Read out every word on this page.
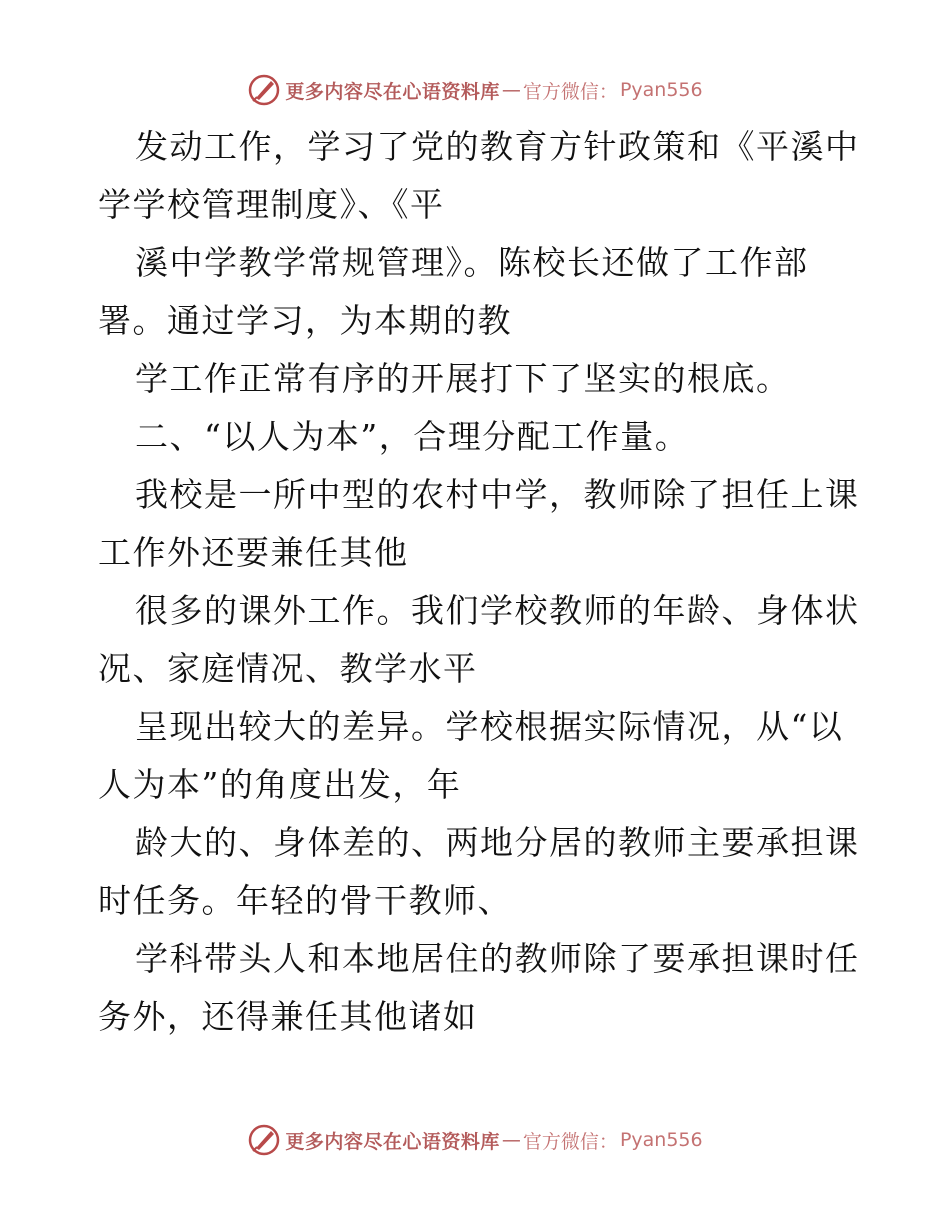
更多内容尽在心语资料库 — 官方微信： Pyan556

发动工作，学习了党的教育方针政策和《平溪中

学学校管理制度》、《平

溪中学教学常规管理》。陈校长还做了工作部

署。通过学习，为本期的教

学工作正常有序的开展打下了坚实的根底。

二、“以人为本”，合理分配工作量。

我校是一所中型的农村中学，教师除了担任上课

工作外还要兼任其他

很多的课外工作。我们学校教师的年龄、身体状

况、家庭情况、教学水平

呈现出较大的差异。学校根据实际情况，从“以

人为本”的角度出发，年

龄大的、身体差的、两地分居的教师主要承担课

时任务。年轻的骨干教师、

学科带头人和本地居住的教师除了要承担课时任

务外，还得兼任其他诸如

更多内容尽在心语资料库 — 官方微信： Pyan556
